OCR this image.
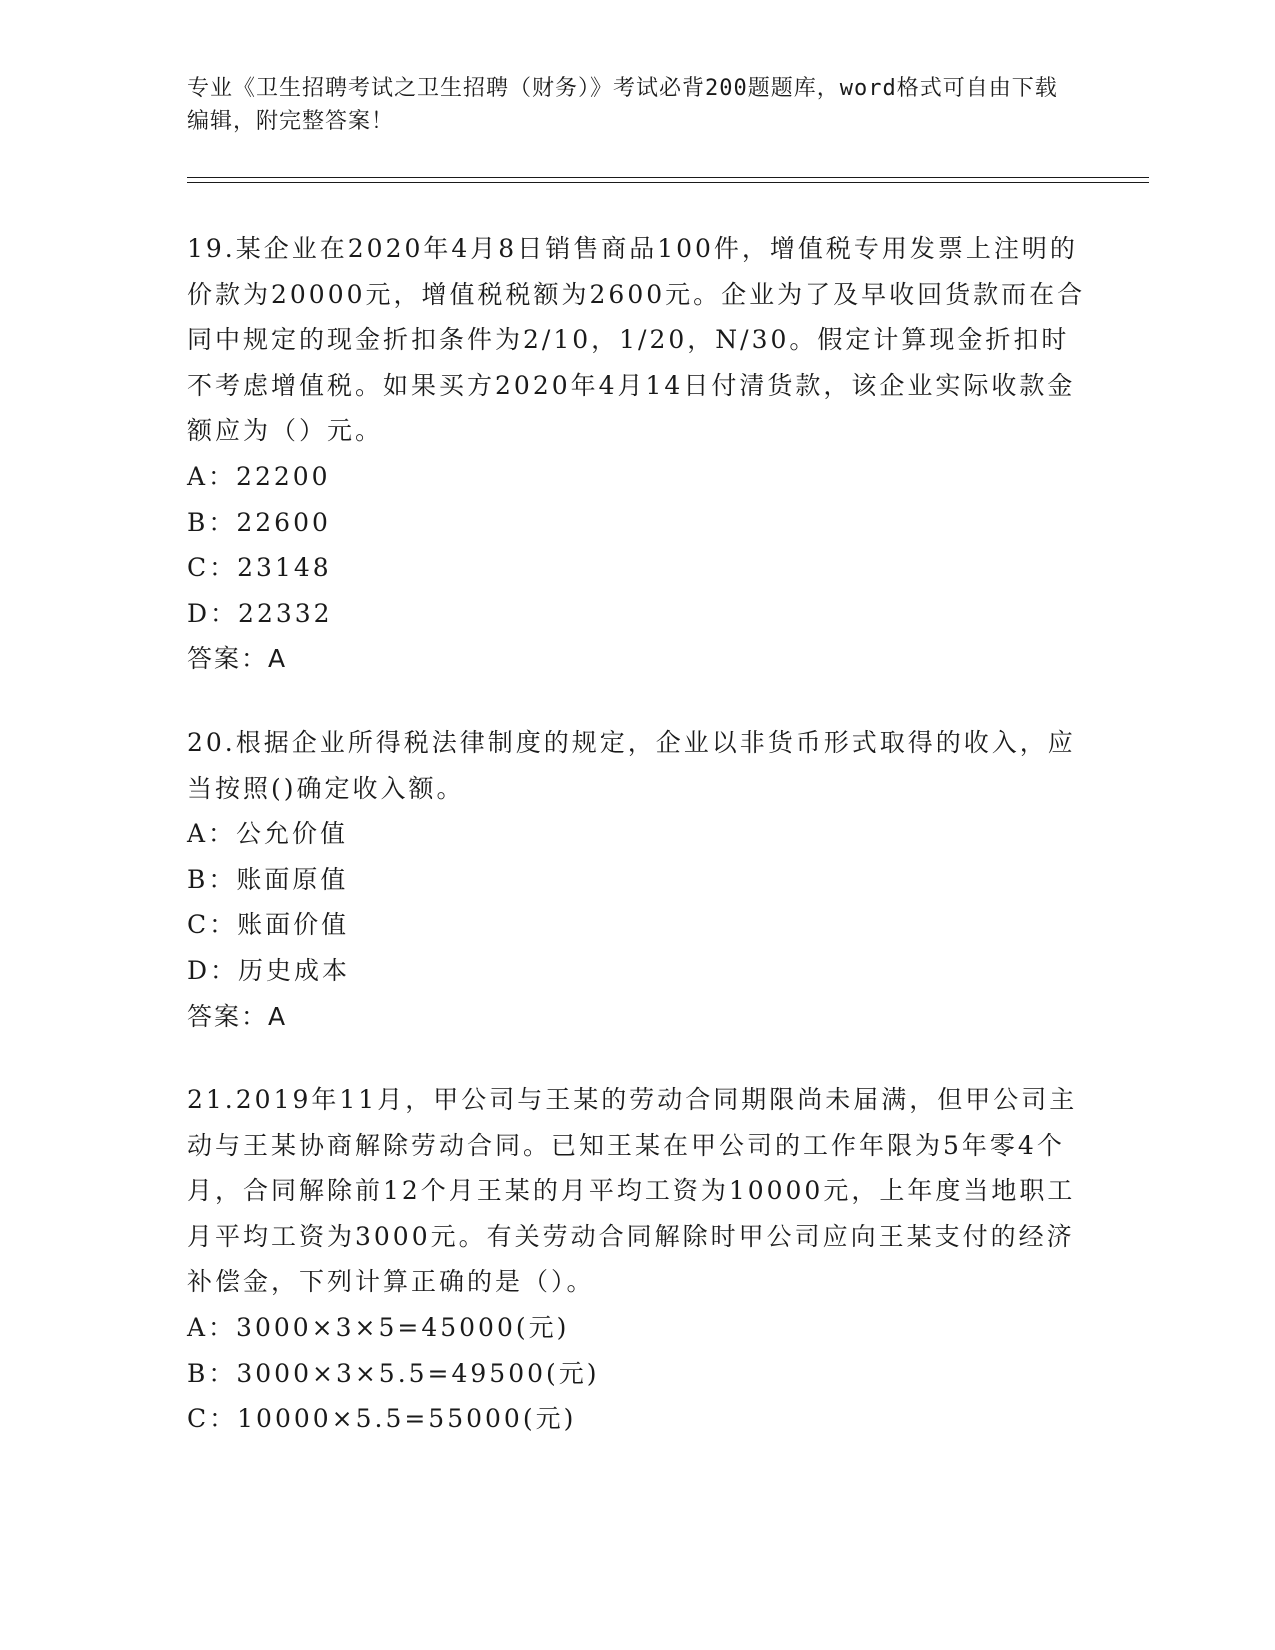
专业《卫生招聘考试之卫生招聘（财务）》考试必背200题题库，word格式可自由下载编辑，附完整答案！

19.某企业在2020年4月8日销售商品100件，增值税专用发票上注明的价款为20000元，增值税税额为2600元。企业为了及早收回货款而在合同中规定的现金折扣条件为2/10，1/20，N/30。假定计算现金折扣时不考虑增值税。如果买方2020年4月14日付清货款，该企业实际收款金额应为（）元。

A：22200

B：22600

C：23148

D：22332

答案：A

20.根据企业所得税法律制度的规定，企业以非货币形式取得的收入，应当按照()确定收入额。

A：公允价值

B：账面原值

C：账面价值

D：历史成本

答案：A

21.2019年11月，甲公司与王某的劳动合同期限尚未届满，但甲公司主动与王某协商解除劳动合同。已知王某在甲公司的工作年限为5年零4个月，合同解除前12个月王某的月平均工资为10000元，上年度当地职工月平均工资为3000元。有关劳动合同解除时甲公司应向王某支付的经济补偿金，下列计算正确的是（）。

A：3000×3×5=45000(元)

B：3000×3×5.5=49500(元)

C：10000×5.5=55000(元)
